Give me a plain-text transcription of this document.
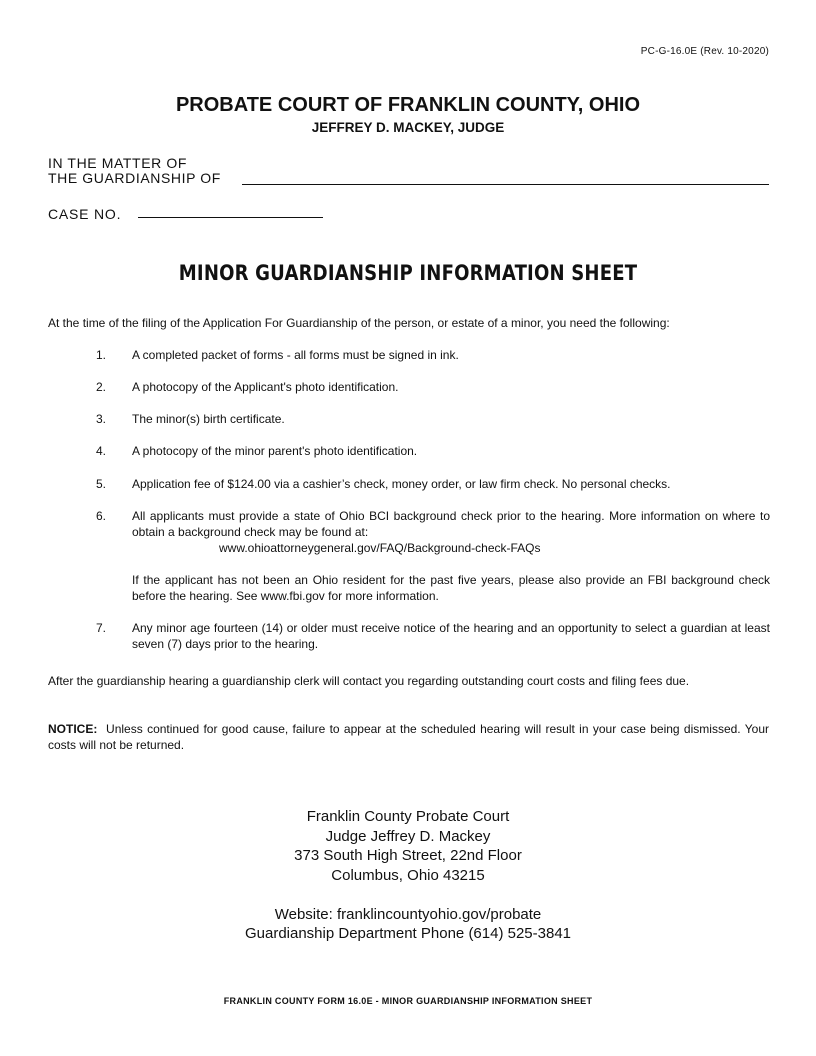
PC-G-16.0E (Rev. 10-2020)
PROBATE COURT OF FRANKLIN COUNTY, OHIO
JEFFREY D. MACKEY, JUDGE
IN THE MATTER OF
THE GUARDIANSHIP OF
CASE NO.
MINOR GUARDIANSHIP INFORMATION SHEET
At the time of the filing of the Application For Guardianship of the person, or estate of a minor, you need the following:
1.	A completed packet of forms - all forms must be signed in ink.
2.	A photocopy of the Applicant's photo identification.
3.	The minor(s) birth certificate.
4.	A photocopy of the minor parent's photo identification.
5.	Application fee of $124.00 via a cashier’s check, money order, or law firm check. No personal checks.
6.	All applicants must provide a state of Ohio BCI background check prior to the hearing. More information on where to obtain a background check may be found at:
www.ohioattorneygeneral.gov/FAQ/Background-check-FAQs
If the applicant has not been an Ohio resident for the past five years, please also provide an FBI background check before the hearing. See www.fbi.gov for more information.
7.	Any minor age fourteen (14) or older must receive notice of the hearing and an opportunity to select a guardian at least seven (7) days prior to the hearing.
After the guardianship hearing a guardianship clerk will contact you regarding outstanding court costs and filing fees due.
NOTICE: Unless continued for good cause, failure to appear at the scheduled hearing will result in your case being dismissed. Your costs will not be returned.
Franklin County Probate Court
Judge Jeffrey D. Mackey
373 South High Street, 22nd Floor
Columbus, Ohio 43215
Website: franklincountyohio.gov/probate
Guardianship Department Phone (614) 525-3841
FRANKLIN COUNTY FORM 16.0E - MINOR GUARDIANSHIP INFORMATION SHEET
